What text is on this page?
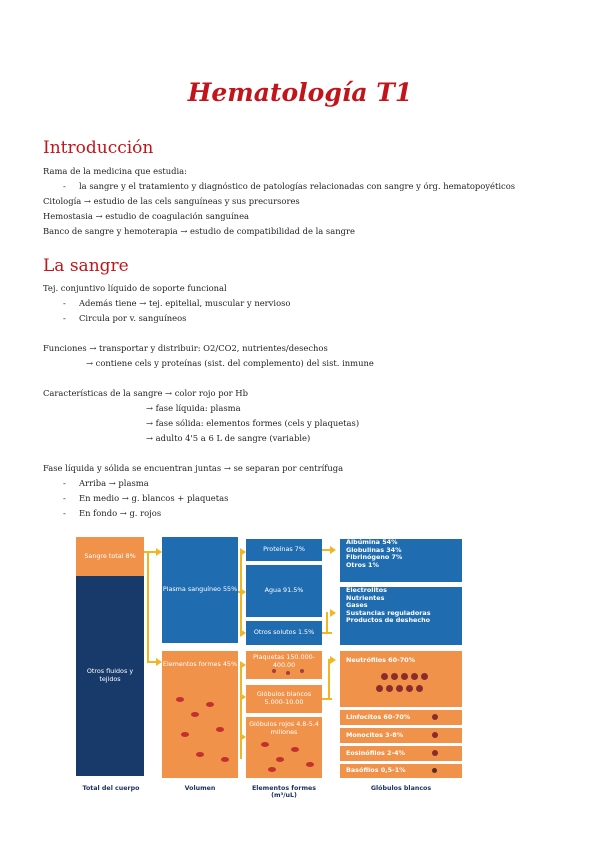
Hematología T1
Introducción

Rama de la medicina que estudia:

- la sangre y el tratamiento y diagnóstico de patologías relacionadas con sangre y órg. hematopoyéticos

Citología → estudio de las cels sanguíneas y sus precursores

Hemostasia → estudio de coagulación sanguínea

Banco de sangre y hemoterapia → estudio de compatibilidad de la sangre

La sangre

Tej. conjuntivo líquido de soporte funcional

- Además tiene → tej. epitelial, muscular y nervioso

- Circula por v. sanguíneos

Funciones → transportar y distribuir: O2/CO2, nutrientes/desechos

→ contiene cels y proteínas (sist. del complemento) del sist. inmune

Características de la sangre → color rojo por Hb

→ fase líquida: plasma

→ fase sólida: elementos formes (cels y plaquetas)

→ adulto 4'5 a 6 L de sangre (variable)

Fase líquida y sólida se encuentran juntas → se separan por centrífuga

- Arriba → plasma

- En medio → g. blancos + plaquetas

- En fondo → g. rojos

Sangre total 8%
Otros fluidos y tejidos
Plasma sanguíneo 55%
Elementos formes 45%
Proteínas 7%
Agua 91.5%
Otros solutos 1.5%
Plaquetas 150.000-400.00
Glóbulos blancos 5.000-10.00
Glóbulos rojos 4.8-5.4 millones
Albúmina 54%
Globulinas 34%
Fibrinógeno 7%
Otros 1%
Electrolitos
Nutrientes
Gases
Sustancias reguladoras
Productos de deshecho
Neutrófilos 60-70%
Linfocitos 60-70%
Monocitos 3-8%
Eosinófilos 2-4%
Basófilos 0,5-1%
Total del cuerpo	Volumen	Elementos formes (m³/uL)
Glóbulos blancos
